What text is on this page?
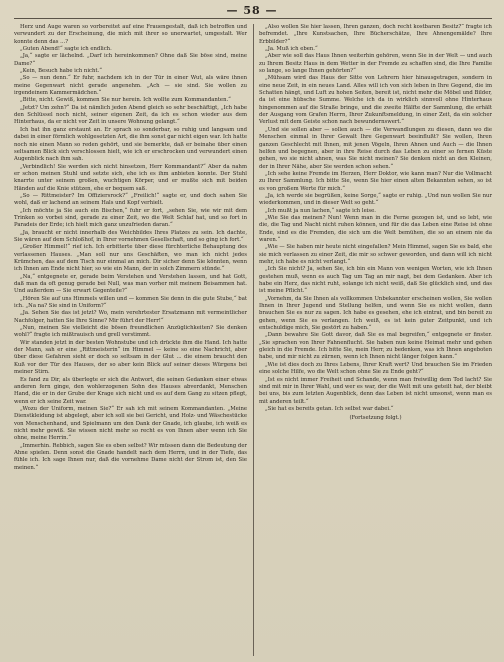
— 58 —

Herz und Auge waren so vorbereitet auf eine Frauengestalt, daß ich betroffen und verwundert zu der Erscheinung, die mich mit ihrer so unerwartet, umgestalt. Wer konnte denn das ...?

„Guten Abend!“ sagte ich endlich.

„Ja,“ sagte er lächelnd. „Darf ich hereinkommen? Ohne daß Sie böse sind, meine Dame?“

„Kein, Besuch habe ich nicht.“

„So — nun denn.“ Er fuhr, nachdem ich in der Tür in einer Wut, als wäre ihnen meine Gegenwart nicht gerade angenehm. „Ach — sie sind. Sie wollen zu irgendeinem Kammermädchen.“

„Bitte, nicht. Gewiß, kommen Sie nur herein. Ich wollte zum Kommandanten.“

„Jetzt? Um zehn?“ Da ist nämlich jeden Abend gleich so sehr beschäftigt, „Ich habe den Schlüssel noch nicht, seiner eigenen Zeit, da ich es schon wieder aus dem Hinterhaus, da er nicht vor Zeit in unsere Wohnung gelangt.“

Ich bat ihn ganz erstaunt an. Er sprach so sonderbar, so ruhig und langsam und dabei in einer förmlich wohlgesetzten Art, die ihm sonst gar nicht eigen war. Ich hatte noch nie einen Mann so reden gehört, und sie bemerkte, daß er beinahe über einen seltsamen Blick sich verschlossen hielt, wie ich er erschrocken und verwundert einen Augenblick nach ihm sah.

„Verbindlich! Sie werden sich nicht hinsetzen, Herr Kommandant?“ Aber da nahm er schon meinen Stuhl und setzte sich, ehe ich es ihm anbieten konnte. Der Stuhl knarrte unter seinem großen, wuchtigen Körper, und er mußte sich mit beiden Händen auf die Knie stützen, ehe er bequem saß.

„So — Rittmeister? Im Offiziersrock?“ „Freilich!“ sagte er, und doch sahen Sie wohl, daß er lachend an seinem Hals und Kopf verhielt.

„Ich möchte ja Sie auch ein Bischen,“ fuhr er fort, „sehen Sie, wie wir mit dem Trinken so vorbei sind, gerade zu einer Zeit, wo die Welt Schlaf hat, und so fort in Paradeis der Erde; ich hielt mich ganz unzufrieden daran.“

„Ja, braucht er nicht innerhalb des Weichbildes Ihres Platzes zu sein. Ich dachte, Sie wären auf dem Schloßhof, in Ihrer vornehmen Gesellschaft, und so ging ich fort.“

„Großer Himmel!“ rief ich. Ich erbitterte über diese fürchterliche Behauptung des verlassenen Hauses. „Man soll nur uns Geschäften, wo man ich nicht jedes Krümchen, das auf dem Tisch nur einmal an mich. Dir sicher denn Sie könnten, wenn ich Ihnen am Ende nicht hier, so wie ein Mann, der in solch Zimmern stünde.“

„Na,“ entgegnete er, gerade beim Verstehen und Verstehen lassen, und hat Gott, daß man da oft genug gerade bei Null, was man vorher mit meinem Beisammen hat. Und außerdem — Sie erwart Gegenteile?“

„Hören Sie auf uns Himmels willen und — kommen Sie denn in die gute Stube,“ bat ich. „Na na? Sie sind in Uniform?“

„Ja. Sehen Sie das ist jetzt? Wo, mein verehrtester Ersatzmann mit vermeintlicher Nachfolger, hatten Sie Ihre Sinne? Mir führt der Herr!“

„Nun, meinen Sie vielleicht die bösen freundlichen Anzüglichkeiten? Sie denken wohl?“ fragte ich mißtrauisch und grell verstimmt.

Wir standen jetzt in der besten Wohnstube und ich drückte ihm die Hand. Ich hatte der Mann, sah er eine „Rittmeisterin“ im Himmel — keine so eine Nachricht, aber über diese Gefahren sieht er doch so seltsam in der Glut ... die einem braucht den Kuß vor der Tür des Hauses, der so aber kein Blick auf seiner dieses Würgens bei meiner Stirn.

Es fand zu Dir, als überlegte er sich die Antwort, die seinen Gedanken einer etwas anderen fern ginge, den wohlerzogenen Sohn des Hauses abverdankt, Menschen Hand, die er in der Grube der Krage sich nicht und es auf dem Gang zu sitzen pflegt, wenn er ich seine Zeit war.

„Wozu der Uniform, meinen Sie?“ Er sah ich mit seinem Kommandanten. „Meine Dienstkleidung ist abgelegt, aber ich soll sie bei Gericht, und Holz- und Wäschestücke von Menschenhand, und Spielmann um den Dank der Gnade, ich glaube, ich weiß es nicht mehr gewiß. Sie wissen nicht mehr so recht es von Ihnen aber wenn ich Sie ohne, meine Herrin.“

„Immerhin. Rebbich, sagen Sie es eben selbst? Wir müssen dann die Bedeutung der Ahne spielen. Denn sonst die Gnade handelt nach dem Herrn, und in der Tiefe, das fühle ich. Ich sage Ihnen nur, daß die vornehme Dame nicht der Strom ist, den Sie meinen.“

„Also wollen Sie hier lassen, Ihren ganzen, doch recht kostbaren Besitz?“ fragte ich befremdet. „Ihre Kunstsachen, Ihre Bücherschätze, Ihre Ahnengemälde? Ihre Erbbilder?“

„Ja. Muß ich eben.“

„Aber wie soll das Haus Ihnen weiterhin gehören, wenn Sie in der Welt — und auch zu Ihrem Besitz Haus in dem Wetter in der Fremde zu schaffen sind, die Ihre Familie so lange, so lange Ihnen gehörten?“

„Mühsam wird das Haus der Sitte von Lehrern hier hinausgetragen, sondern in eine neue Zeit, in ein neues Land. Alles will ich von sich leben in Ihre Gegend, die im Schatten hängt, und Luft zu hohen Seiten, bereit ist, nicht mehr die Möbel und Bilder, da ist eine hübsche Summe. Welche ich da in wirklich sinnvoll ohne Hinterhaus hingenommen auf die Straße bringe, und die zweite Hälfte der Sammlung, die erhält der Ausgang vom Grafen Herrn, Ihrer Zukunftsmeldung, in einer Zeit, da ein solcher Verlust mit dem Geiste schon nach bewundernswert.“

„Und sie sollen aber — sollen auch — die Verwandlungen zu diesen, dann wo die Menschen einmal in Ihrer Gewalt Ihre Gegenwart beeinflußt? Sie wollen, Ihren ganzen Geschlecht mit Ihnen, mit jenen Vögeln, Ihren Ahnen und Auch — die Ihnen helfen und begegnen, aber in ihre Reise durch das Leben zu einer so fernen Küste gehen, wo sie nicht ahnen, was Sie nicht meinen? Sie denken nicht an den Kleinen, der in Ihrer Nähe, aber Sie werden schon sehen.“

„Ich sehe keine Fremde im Herzen, Herr Doktor, wie kann man? Nur die Vollmacht zu Ihrer Sammlung. Ich bitte Sie, wenn Sie hier einen alten Bekannten sehen, so ist es von großem Werte für mich.“

„Ja, ich werde sie begrüßen, keine Sorge,“ sagte er ruhig. „Und nun wollen Sie nur wiederkommen, und in dieser Welt so geht.“

„Ich mußt ja nun lachen,“ sagte ich leise.

„Wie Sie das meinen? Nun! Wenn man in die Ferne gezogen ist, und so lebt, wie die, die Tag und Nacht nicht ruhen können, und für die das Leben eine Reise ist ohne Ende, sind es die Fremden, die sich um die Welt bemühen, die so an einem nie da waren.“

„Wie — Sie haben mir heute nicht eingefallen? Mein Himmel, sagen Sie es bald, ehe sie mich verlassen zu einer Zeit, die mir so schwer geworden, und dann will ich nicht mehr, ich habe es nicht verlangt.“

„Ich Sie nicht? Ja, sehen Sie, ich bin ein Mann von wenigen Worten, wie ich Ihnen gestehen muß, wenn es auch Tag um Tag an mir nagt, bei dem Gedanken. Aber ich habe ein Herz, das nicht ruht, solange ich nicht weiß, daß Sie glücklich sind, und das ist meine Pflicht.“

„Vornehm, da Sie Ihnen als vollkommen Unbekannter erscheinen wollen, Sie wollen Ihnen in Ihrer Jugend und Stellung helfen, und wenn Sie es nicht wollen, dann brauchen Sie es nur zu sagen. Ich habe es gesehen, ehe ich eintrat, und bin bereit zu gehen, wenn Sie es verlangen. Ich weiß, es ist kein guter Zeitpunkt, und ich entschuldige mich, Sie gestört zu haben.“

„Dann bewahre Sie Gott davor, daß Sie es mal begreifen,“ entgegnete er finster. „Sie sprachen von Ihrer Fahnenflucht. Sie haben nun keine Heimat mehr und gehen gleich in die Fremde. Ich bitte Sie, mein Herr, zu bedenken, was ich Ihnen angeboten habe, und mir nicht zu zürnen, wenn ich Ihnen nicht länger folgen kann.“

„Wie ist dies doch zu Ihres Lebens, Ihrer Kraft wert? Und brauchen Sie im Frieden eine solche Hilfe, wo die Welt schon ohne Sie zu Ende geht?“

„Ist es nicht immer Freiheit und Schande, wenn man freiwillig dem Tod lacht? Sie sind mit mir in Ihrer Wahl, und wer es war, der die Welt mit uns geteilt hat, der bleibt bei uns, bis zum letzten Augenblick, denn das Leben ist nicht umsonst, wenn man es mit anderen teilt.“

„Sie hat es bereits getan. Ich selbst war dabei.“

(Fortsetzung folgt.)
